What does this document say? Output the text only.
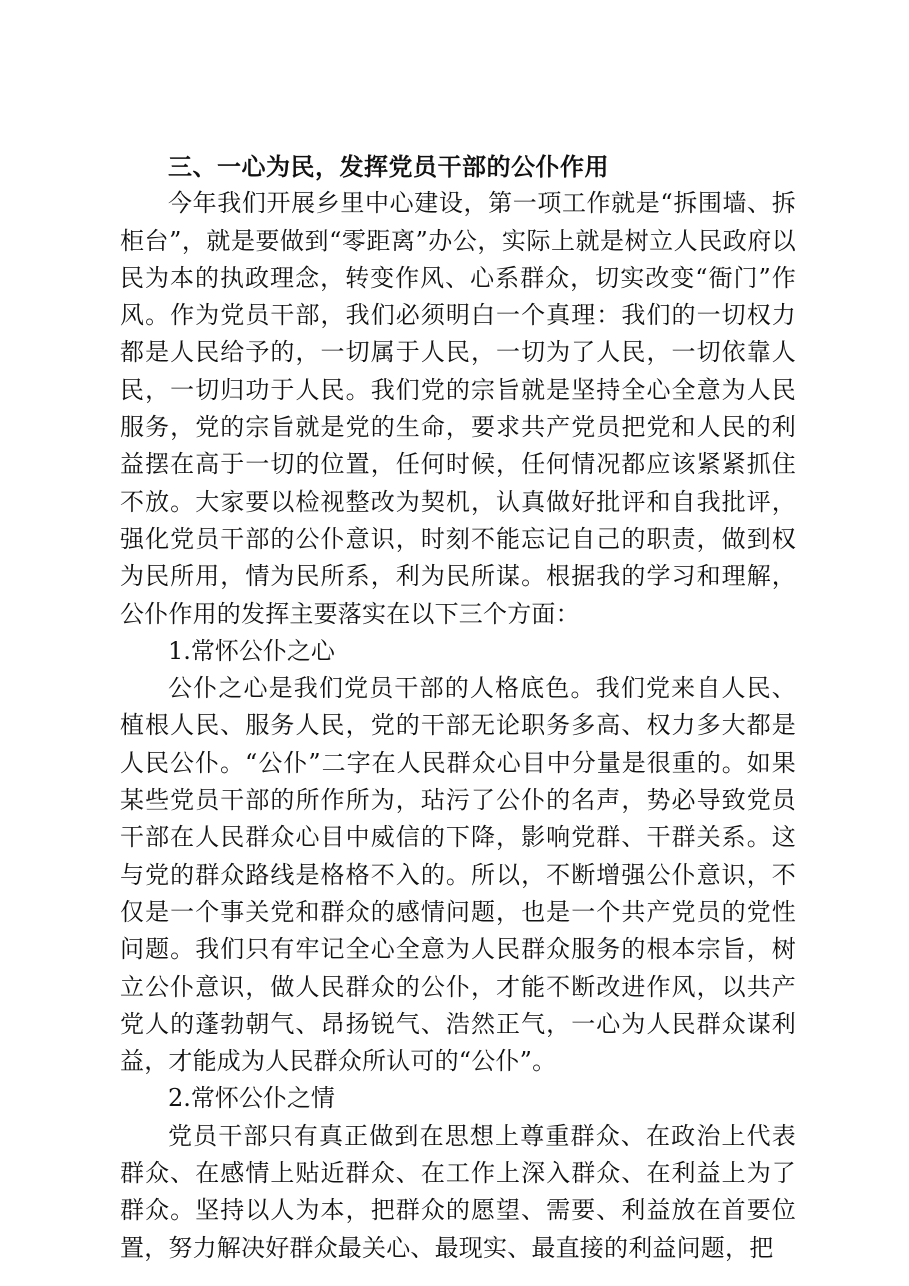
三、一心为民，发挥党员干部的公仆作用

今年我们开展乡里中心建设，第一项工作就是“拆围墙、拆柜台”，就是要做到“零距离”办公，实际上就是树立人民政府以民为本的执政理念，转变作风、心系群众，切实改变“衙门”作风。作为党员干部，我们必须明白一个真理：我们的一切权力都是人民给予的，一切属于人民，一切为了人民，一切依靠人民，一切归功于人民。我们党的宗旨就是坚持全心全意为人民服务，党的宗旨就是党的生命，要求共产党员把党和人民的利益摆在高于一切的位置，任何时候，任何情况都应该紧紧抓住不放。大家要以检视整改为契机，认真做好批评和自我批评，强化党员干部的公仆意识，时刻不能忘记自己的职责，做到权为民所用，情为民所系，利为民所谋。根据我的学习和理解，公仆作用的发挥主要落实在以下三个方面：

1.常怀公仆之心

公仆之心是我们党员干部的人格底色。我们党来自人民、植根人民、服务人民，党的干部无论职务多高、权力多大都是人民公仆。“公仆”二字在人民群众心目中分量是很重的。如果某些党员干部的所作所为，玷污了公仆的名声，势必导致党员干部在人民群众心目中威信的下降，影响党群、干群关系。这与党的群众路线是格格不入的。所以，不断增强公仆意识，不仅是一个事关党和群众的感情问题，也是一个共产党员的党性问题。我们只有牢记全心全意为人民群众服务的根本宗旨，树立公仆意识，做人民群众的公仆，才能不断改进作风，以共产党人的蓬勃朝气、昂扬锐气、浩然正气，一心为人民群众谋利益，才能成为人民群众所认可的“公仆”。

2.常怀公仆之情

党员干部只有真正做到在思想上尊重群众、在政治上代表群众、在感情上贴近群众、在工作上深入群众、在利益上为了群众。坚持以人为本，把群众的愿望、需要、利益放在首要位置，努力解决好群众最关心、最现实、最直接的利益问题，把
